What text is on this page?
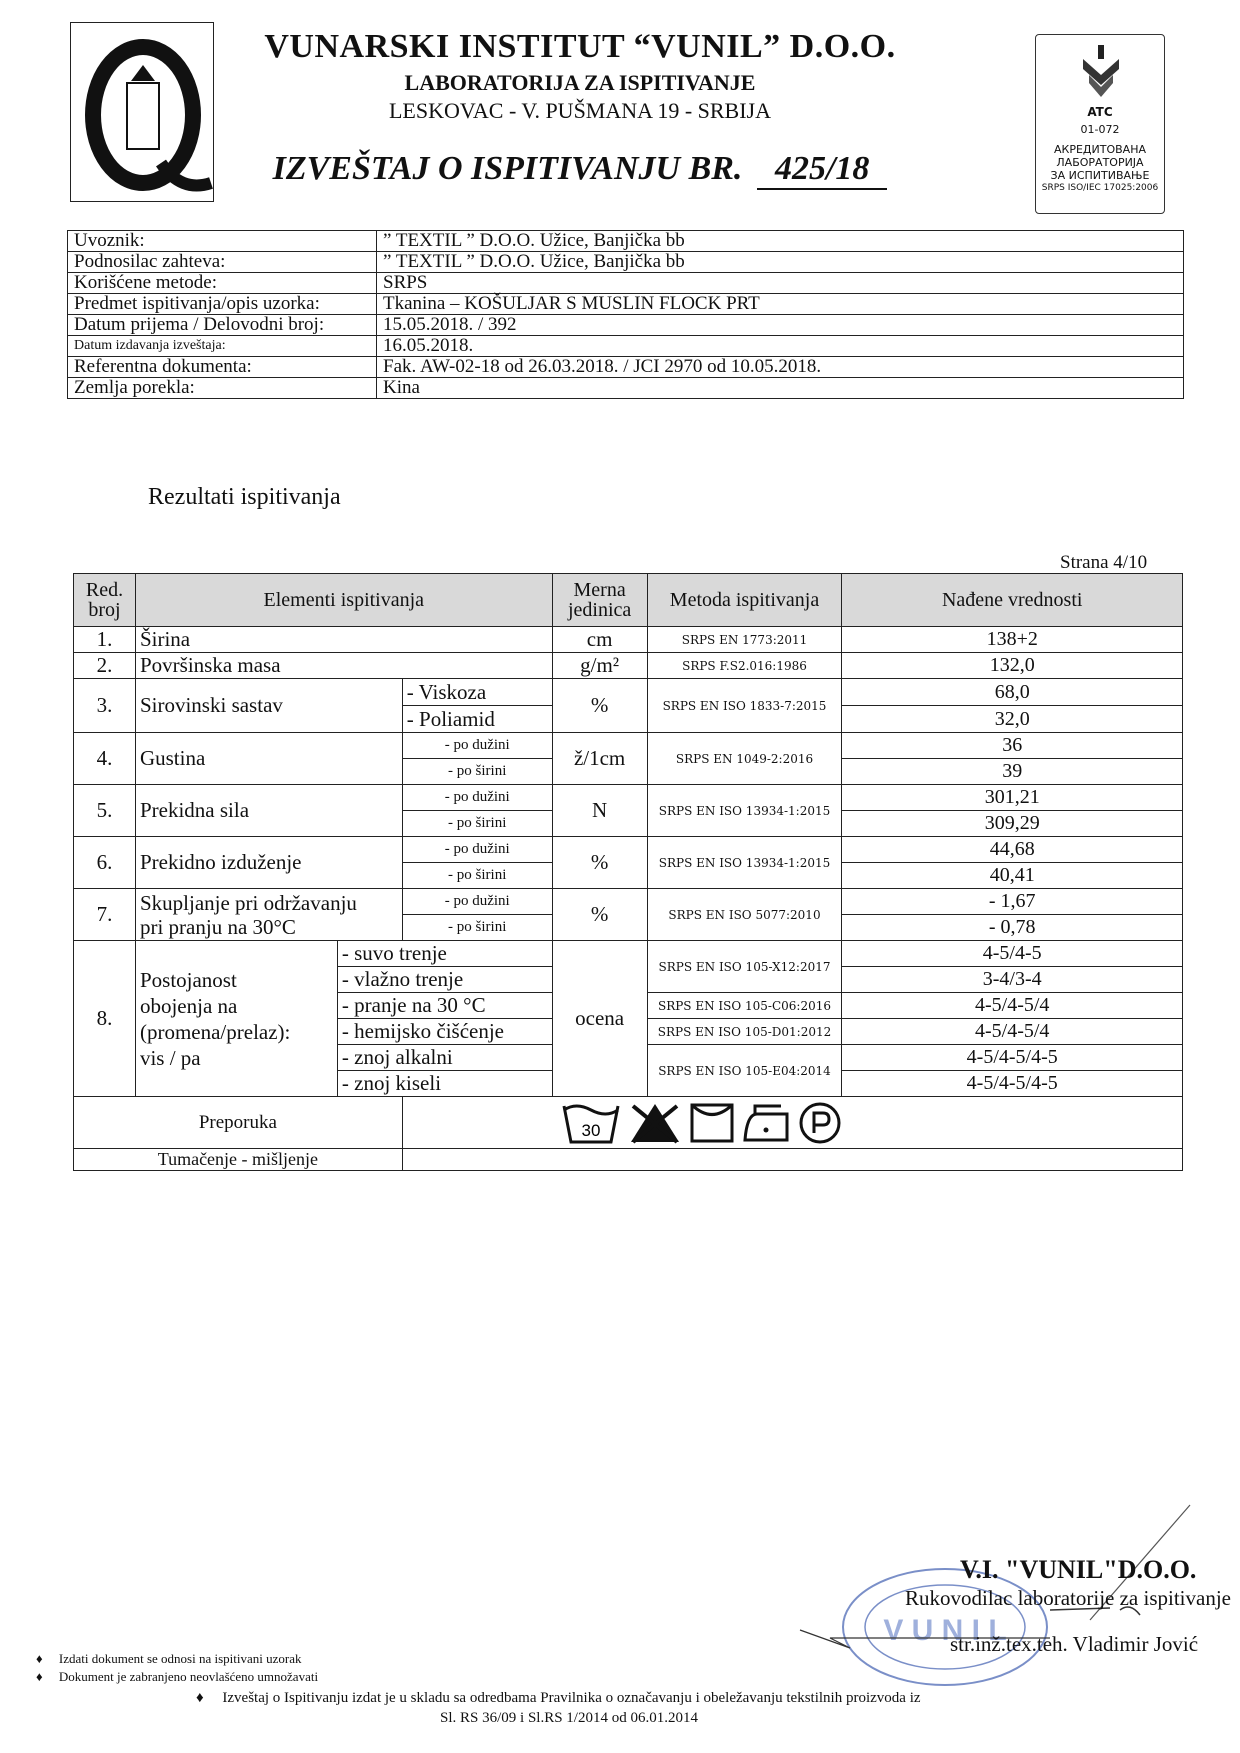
VUNARSKI INSTITUT “VUNIL” D.O.O.
LABORATORIJA ZA ISPITIVANJE
LESKOVAC - V. PUŠMANA 19 - SRBIJA
IZVEŠTAJ O ISPITIVANJU BR. 425/18
ATC
01-072
АКРЕДИТОВАНА
ЛАБОРАТОРИЈА
ЗА ИСПИТИВАЊЕ
SRPS ISO/IEC 17025:2006
Uvoznik:	” TEXTIL ” D.O.O. Užice, Banjička bb
Podnosilac zahteva:	” TEXTIL ” D.O.O. Užice, Banjička bb
Korišćene metode:	SRPS
Predmet ispitivanja/opis uzorka:	Tkanina – KOŠULJAR S MUSLIN FLOCK PRT
Datum prijema / Delovodni broj:	15.05.2018. / 392
Datum izdavanja izveštaja:	16.05.2018.
Referentna dokumenta:	Fak. AW-02-18 od 26.03.2018. / JCI 2970 od 10.05.2018.
Zemlja porekla:	Kina
Rezultati ispitivanja
Strana 4/10
Red. broj	Elementi ispitivanja			Merna jedinica	Metoda ispitivanja	Nađene vrednosti
1.	Širina			cm	SRPS EN 1773:2011	138+2
2.	Površinska masa			g/m²	SRPS F.S2.016:1986	132,0
3.	Sirovinski sastav		- Viskoza	%	SRPS EN ISO 1833-7:2015	68,0
			- Poliamid			32,0
4.	Gustina		- po dužini	ž/1cm	SRPS EN 1049-2:2016	36
			- po širini			39
5.	Prekidna sila		- po dužini	N	SRPS EN ISO 13934-1:2015	301,21
			- po širini			309,29
6.	Prekidno izduženje		- po dužini	%	SRPS EN ISO 13934-1:2015	44,68
			- po širini			40,41
7.	Skupljanje pri održavanju
pri pranju na 30°C		- po dužini	%	SRPS EN ISO 5077:2010	- 1,67
			- po širini			- 0,78
8.	Postojanost
obojenja na
(promena/prelaz):
vis / pa	- suvo trenje		ocena	SRPS EN ISO 105-X12:2017	4-5/4-5
		- vlažno trenje				3-4/3-4
		- pranje na 30 °C			SRPS EN ISO 105-C06:2016	4-5/4-5/4
		- hemijsko čišćenje			SRPS EN ISO 105-D01:2012	4-5/4-5/4
		- znoj alkalni			SRPS EN ISO 105-E04:2014	4-5/4-5/4-5
		- znoj kiseli				4-5/4-5/4-5
Preporuka			30			

Tumačenje - mišljenje						
V U N I L
V.I. "VUNIL"D.O.O.
Rukovodilac laboratorije za ispitivanje
str.inž.tex.teh. Vladimir Jović
♦     Izdati dokument se odnosi na ispitivani uzorak
♦     Dokument je zabranjeno neovlašćeno umnožavati
♦     Izveštaj o Ispitivanju izdat je u skladu sa odredbama Pravilnika o označavanju i obeležavanju tekstilnih proizvoda iz
Sl. RS 36/09 i Sl.RS 1/2014 od 06.01.2014
